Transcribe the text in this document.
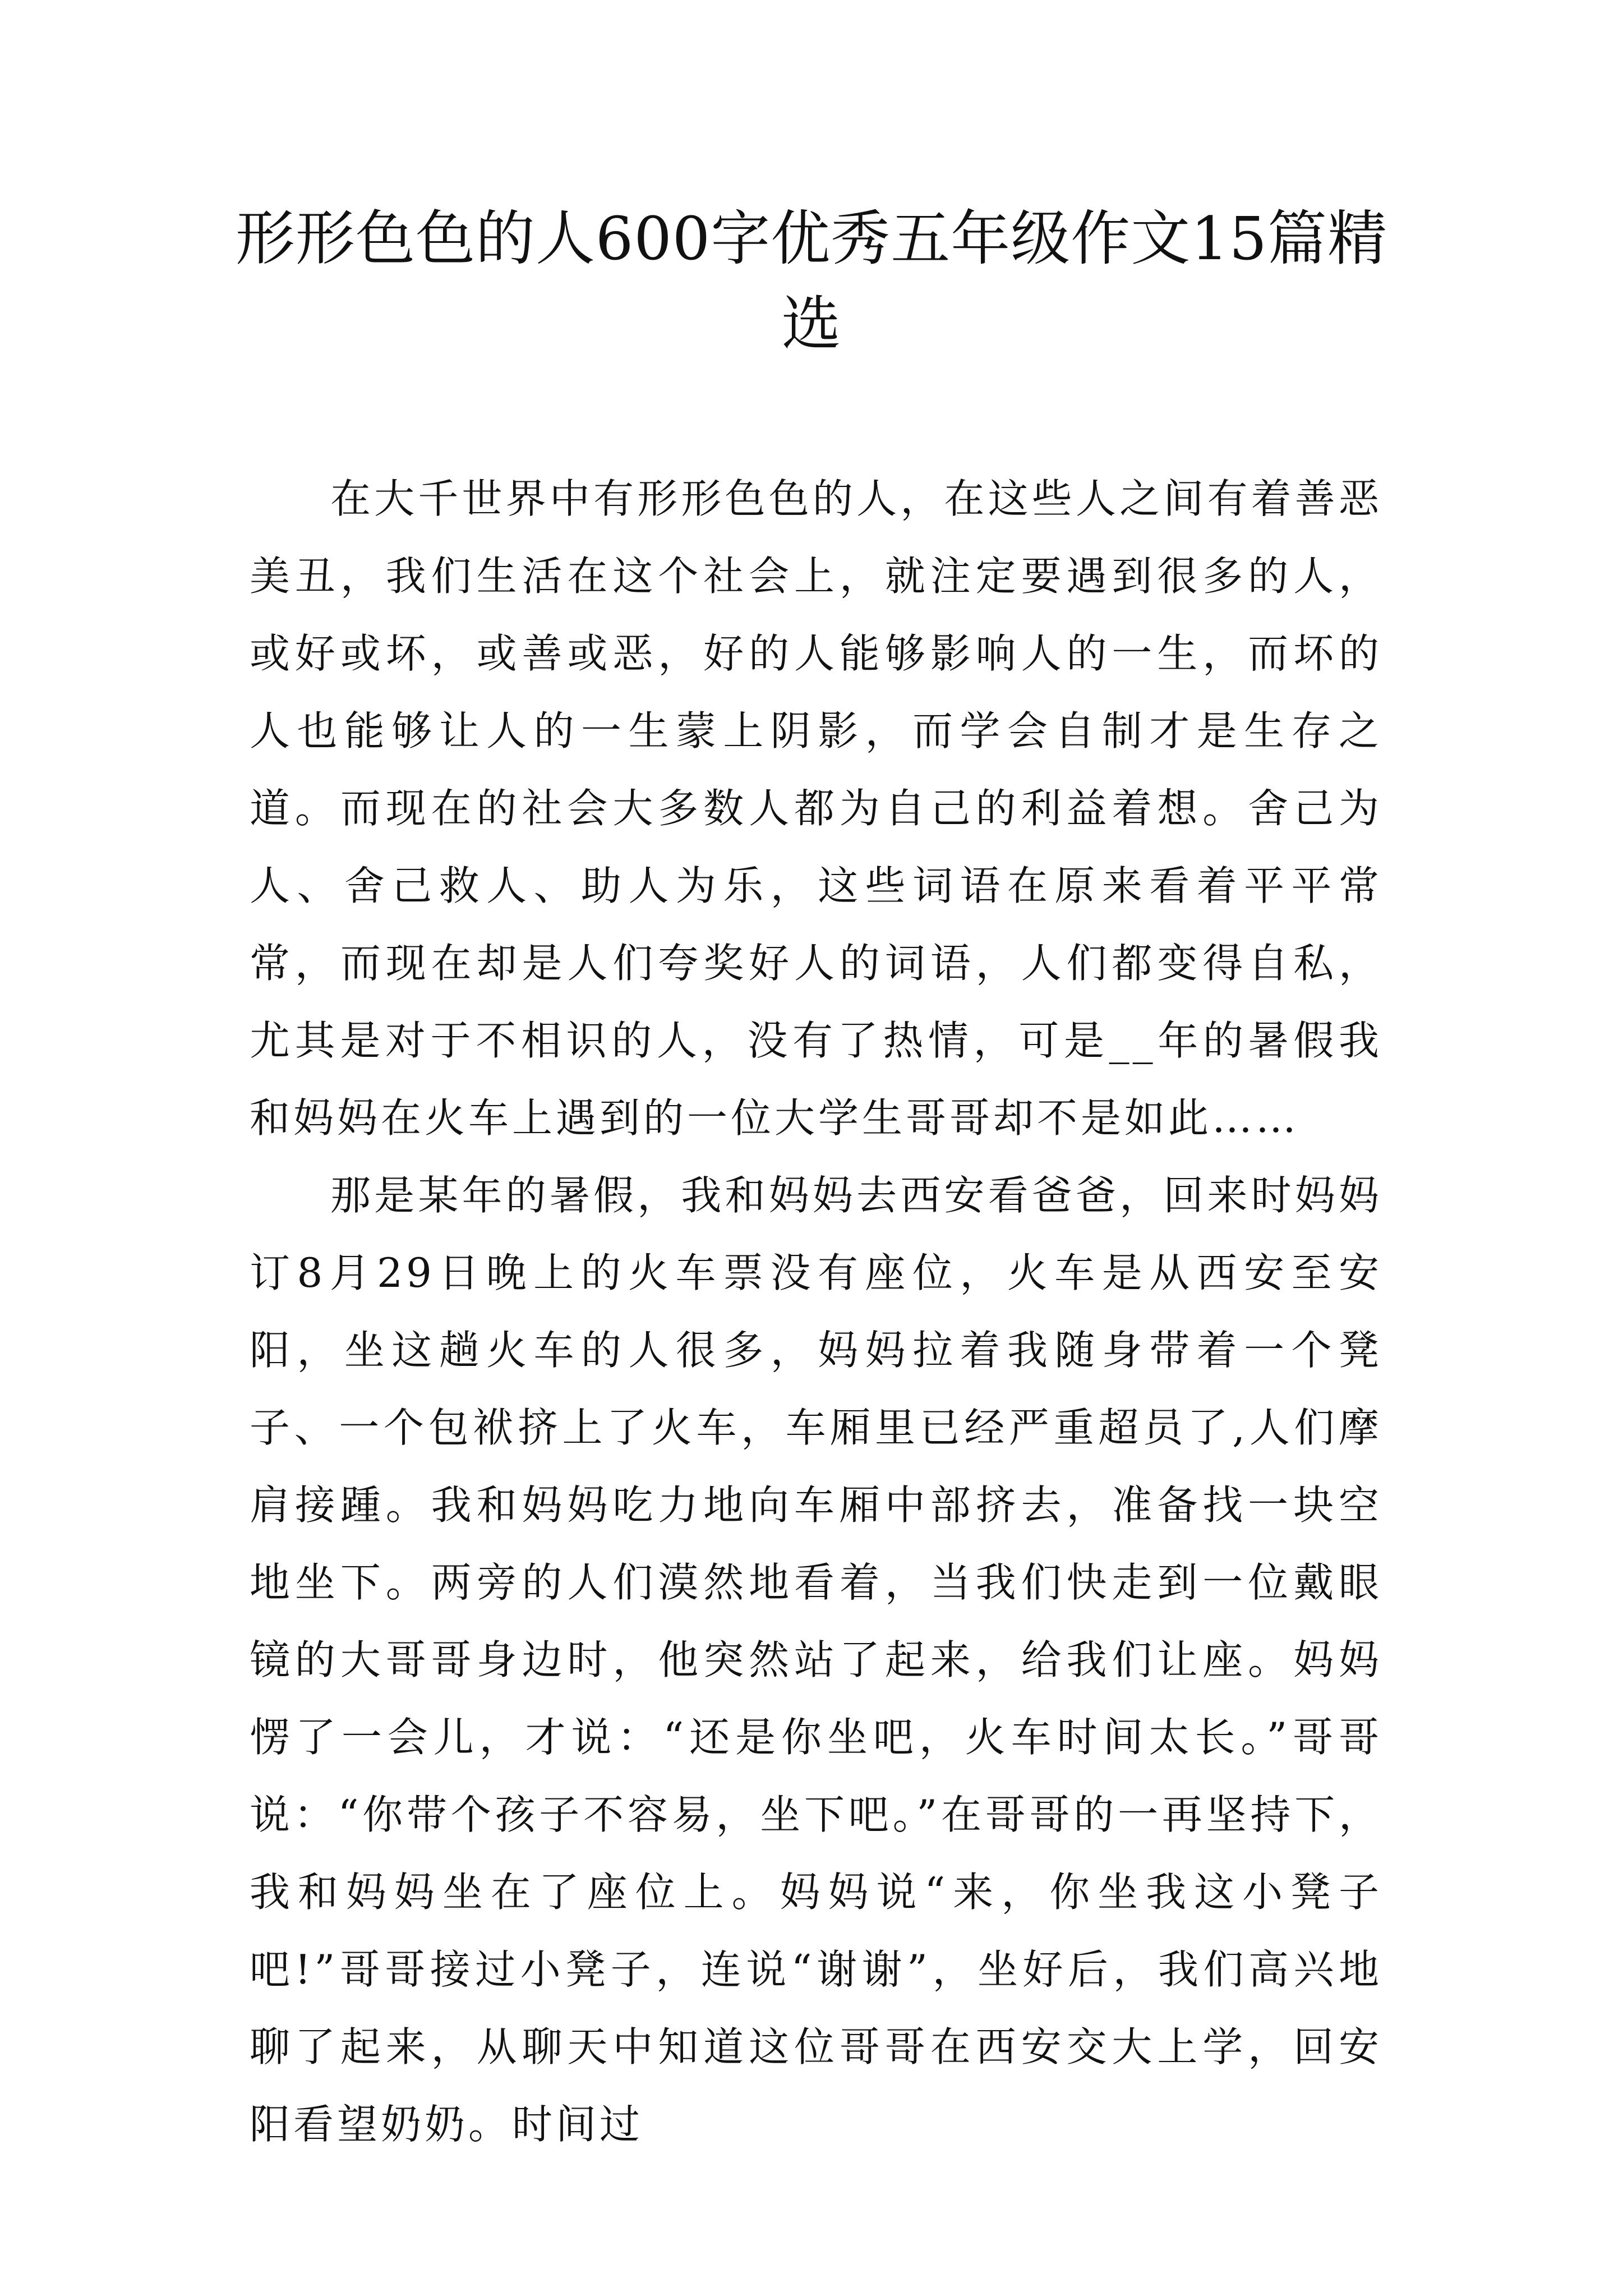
形形色色的人600字优秀五年级作文15篇精选

在大千世界中有形形色色的人，在这些人之间有着善恶美丑，我们生活在这个社会上，就注定要遇到很多的人，或好或坏，或善或恶，好的人能够影响人的一生，而坏的人也能够让人的一生蒙上阴影，而学会自制才是生存之道。而现在的社会大多数人都为自己的利益着想。舍己为人、舍己救人、助人为乐，这些词语在原来看着平平常常，而现在却是人们夸奖好人的词语，人们都变得自私，尤其是对于不相识的人，没有了热情，可是__年的暑假我和妈妈在火车上遇到的一位大学生哥哥却不是如此……

那是某年的暑假，我和妈妈去西安看爸爸，回来时妈妈订8月29日晚上的火车票没有座位，火车是从西安至安阳，坐这趟火车的人很多，妈妈拉着我随身带着一个凳子、一个包袱挤上了火车，车厢里已经严重超员了,人们摩肩接踵。我和妈妈吃力地向车厢中部挤去，准备找一块空地坐下。两旁的人们漠然地看着，当我们快走到一位戴眼镜的大哥哥身边时，他突然站了起来，给我们让座。妈妈愣了一会儿，才说：“还是你坐吧，火车时间太长。”哥哥说：“你带个孩子不容易，坐下吧。”在哥哥的一再坚持下，我和妈妈坐在了座位上。妈妈说“来，你坐我这小凳子吧!”哥哥接过小凳子，连说“谢谢”，坐好后，我们高兴地聊了起来，从聊天中知道这位哥哥在西安交大上学，回安阳看望奶奶。时间过
